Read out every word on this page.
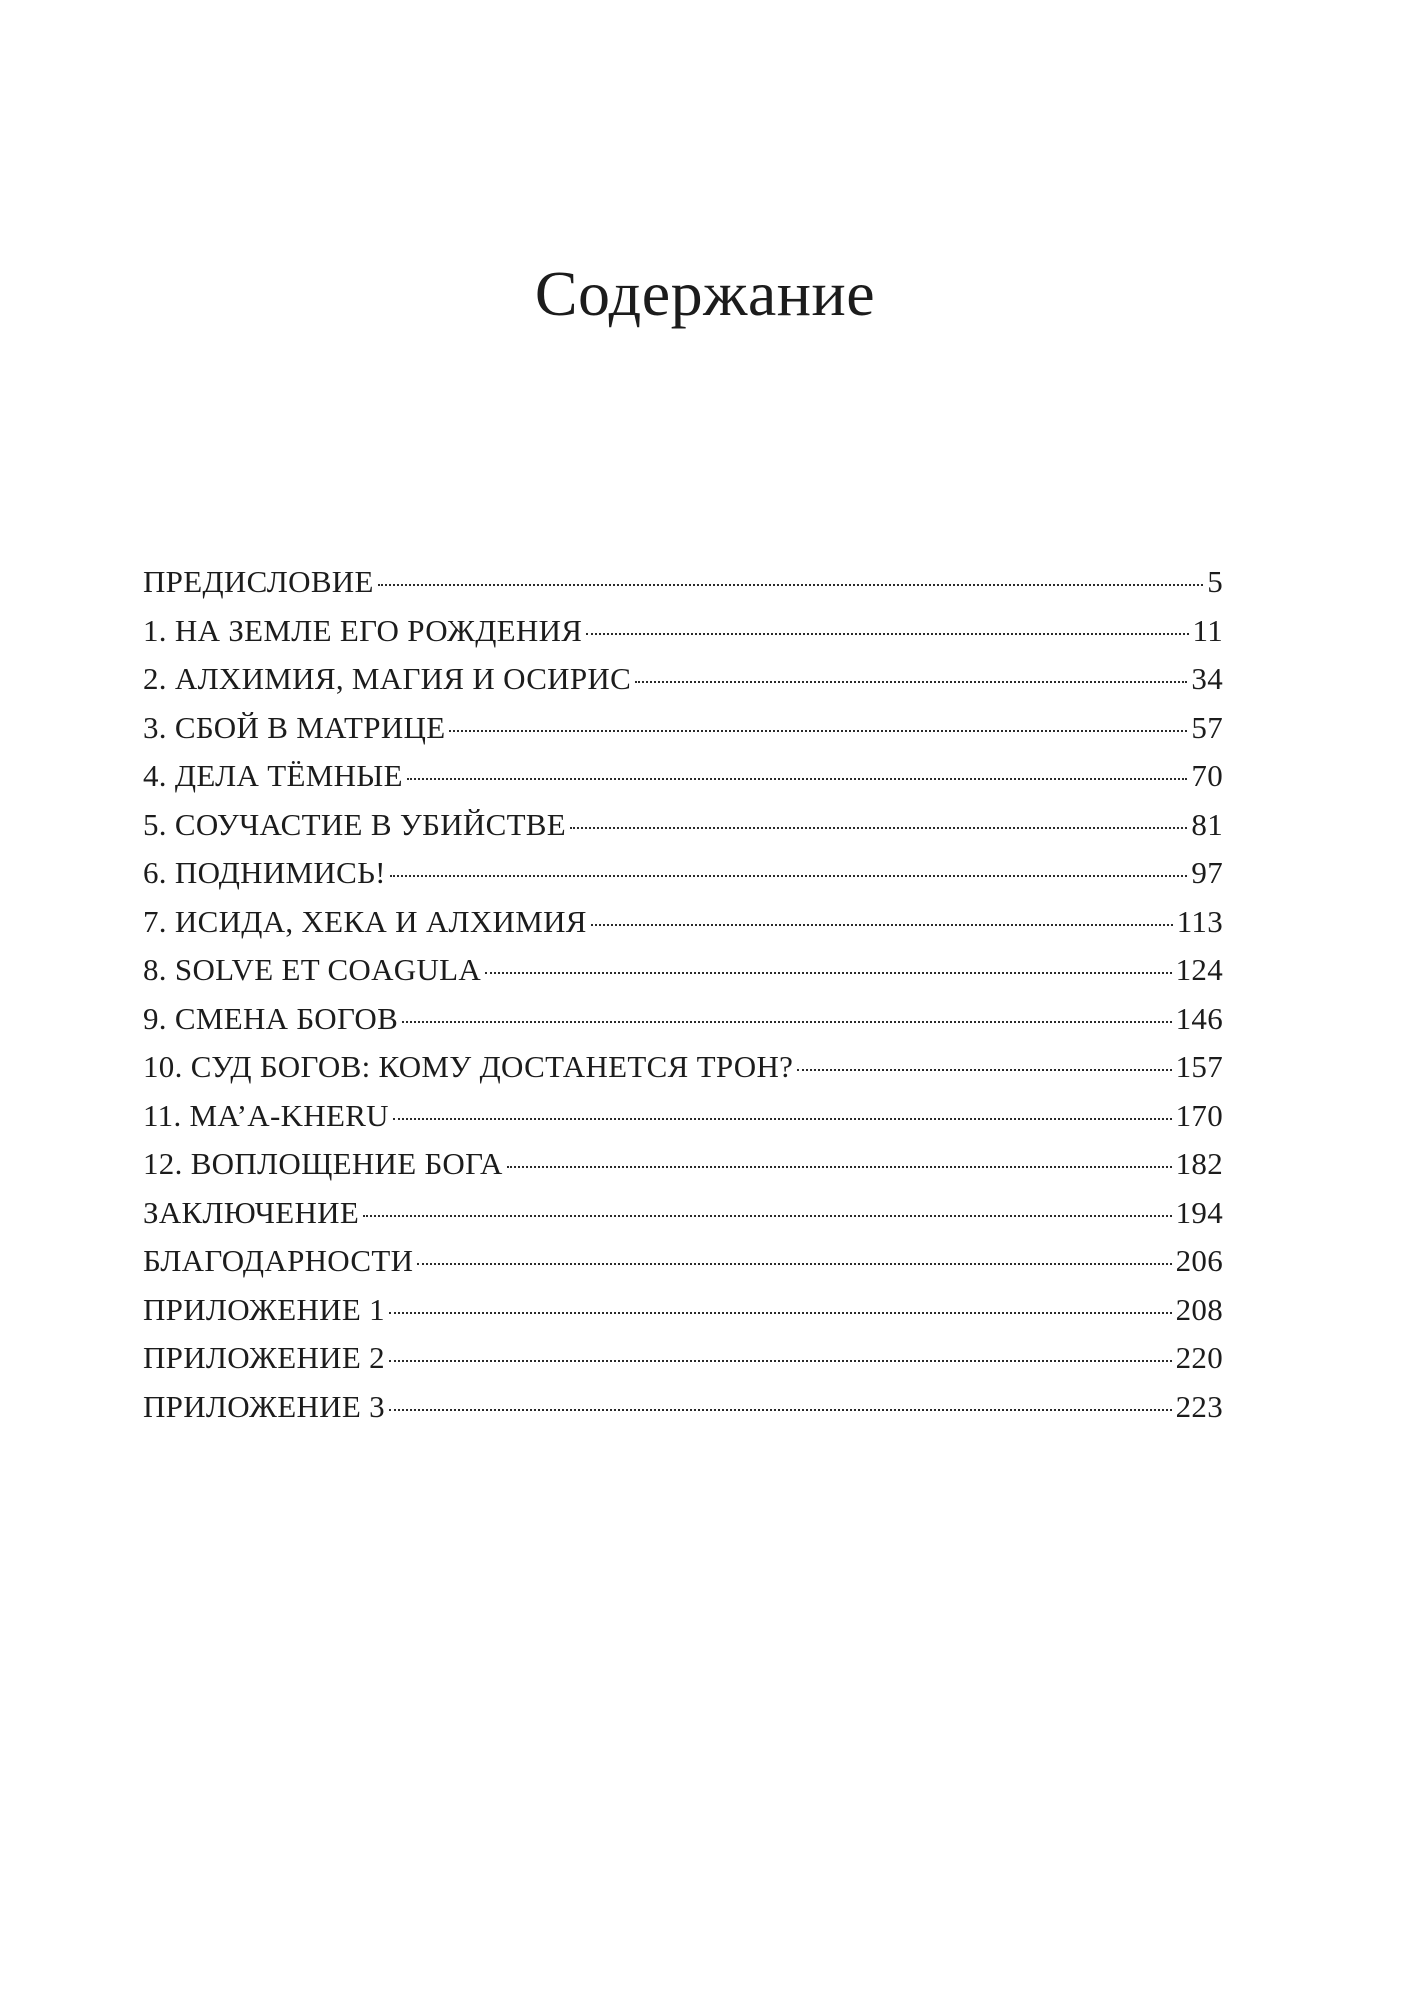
Содержание
ПРЕДИСЛОВИЕ	5
1. НА ЗЕМЛЕ ЕГО РОЖДЕНИЯ	11
2. АЛХИМИЯ, МАГИЯ И ОСИРИС	34
3. СБОЙ В МАТРИЦЕ	57
4. ДЕЛА ТЁМНЫЕ	70
5. СОУЧАСТИЕ В УБИЙСТВЕ	81
6. ПОДНИМИСЬ!	97
7. ИСИДА, ХЕКА И АЛХИМИЯ	113
8. SOLVE ET COAGULA	124
9. СМЕНА БОГОВ	146
10. СУД БОГОВ: КОМУ ДОСТАНЕТСЯ ТРОН?	157
11. MA’A-KHERU	170
12. ВОПЛОЩЕНИЕ БОГА	182
ЗАКЛЮЧЕНИЕ	194
БЛАГОДАРНОСТИ	206
ПРИЛОЖЕНИЕ 1	208
ПРИЛОЖЕНИЕ 2	220
ПРИЛОЖЕНИЕ 3	223
